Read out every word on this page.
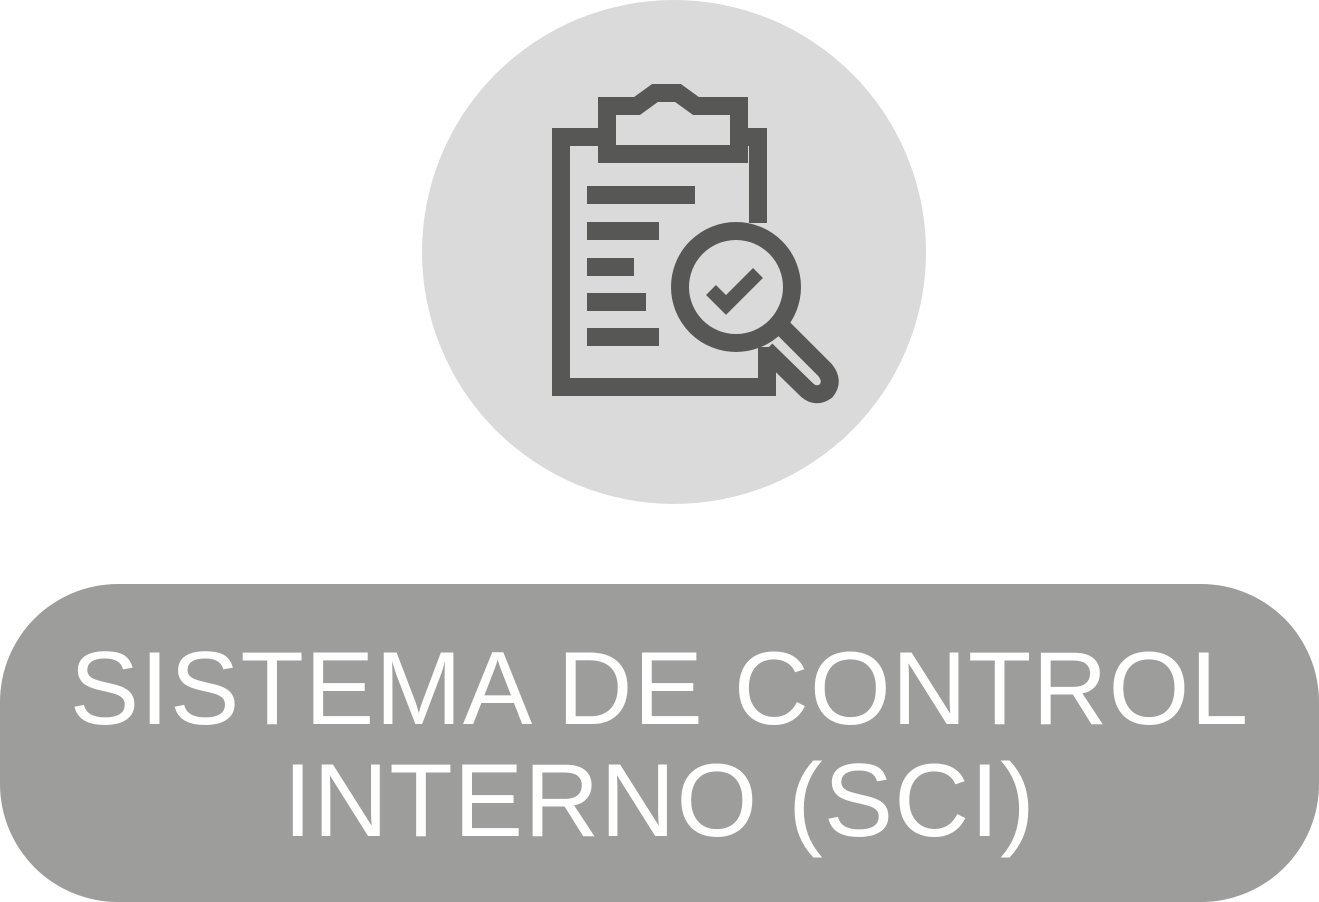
SISTEMA DE CONTROL
INTERNO (SCI)
